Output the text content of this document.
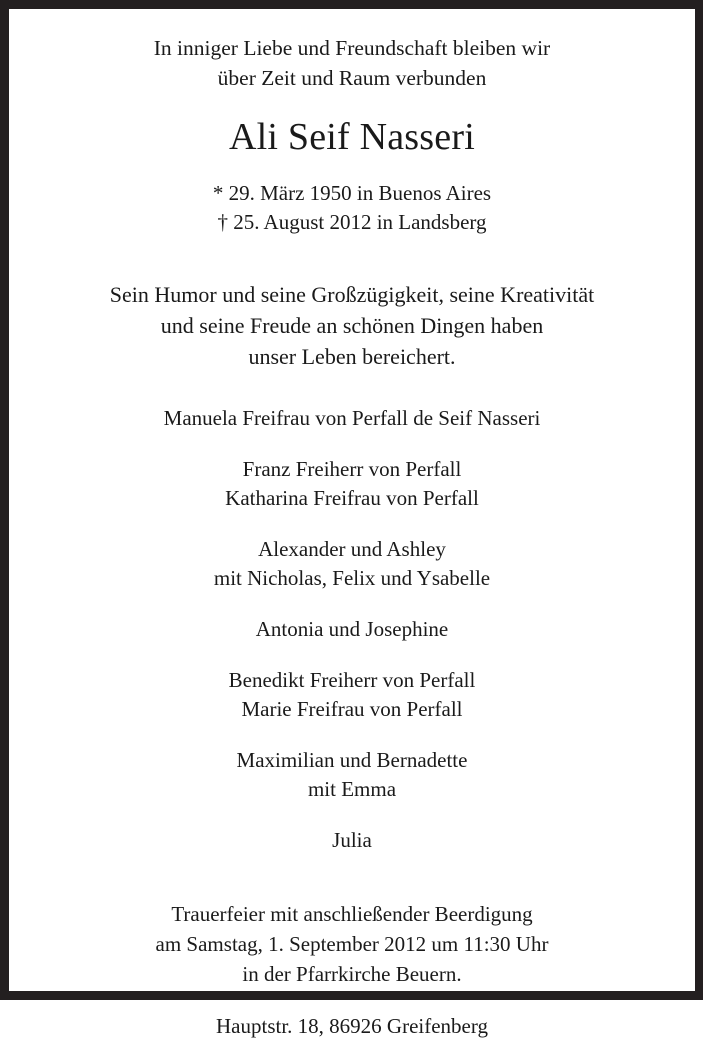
In inniger Liebe und Freundschaft bleiben wir
über Zeit und Raum verbunden
Ali Seif Nasseri
* 29. März 1950 in Buenos Aires
† 25. August 2012 in Landsberg
Sein Humor und seine Großzügigkeit, seine Kreativität
und seine Freude an schönen Dingen haben
unser Leben bereichert.
Manuela Freifrau von Perfall de Seif Nasseri
Franz Freiherr von Perfall
Katharina Freifrau von Perfall
Alexander und Ashley
mit Nicholas, Felix und Ysabelle
Antonia und Josephine
Benedikt Freiherr von Perfall
Marie Freifrau von Perfall
Maximilian und Bernadette
mit Emma
Julia
Trauerfeier mit anschließender Beerdigung
am Samstag, 1. September 2012 um 11:30 Uhr
in der Pfarrkirche Beuern.
Hauptstr. 18, 86926 Greifenberg
